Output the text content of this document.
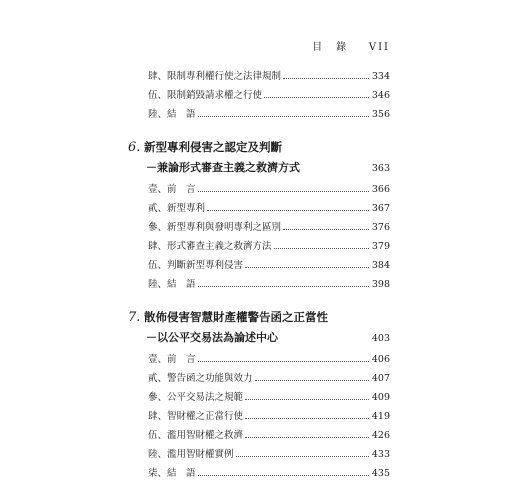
目　錄 VII
肆、限制專利權行使之法律規制	334
伍、限制銷毀請求權之行使	346
陸、結　語	356
6. 新型專利侵害之認定及判斷
－兼論形式審查主義之救濟方式	363
壹、前　言	366
貳、新型專利	367
參、新型專利與發明專利之區別	376
肆、形式審查主義之救濟方法	379
伍、判斷新型專利侵害	384
陸、結　語	398
7. 散佈侵害智慧財產權警告函之正當性
－以公平交易法為論述中心	403
壹、前　言	406
貳、警告函之功能與效力	407
參、公平交易法之規範	409
肆、智財權之正當行使	419
伍、濫用智財權之救濟	426
陸、濫用智財權實例	433
柒、結　語	435
